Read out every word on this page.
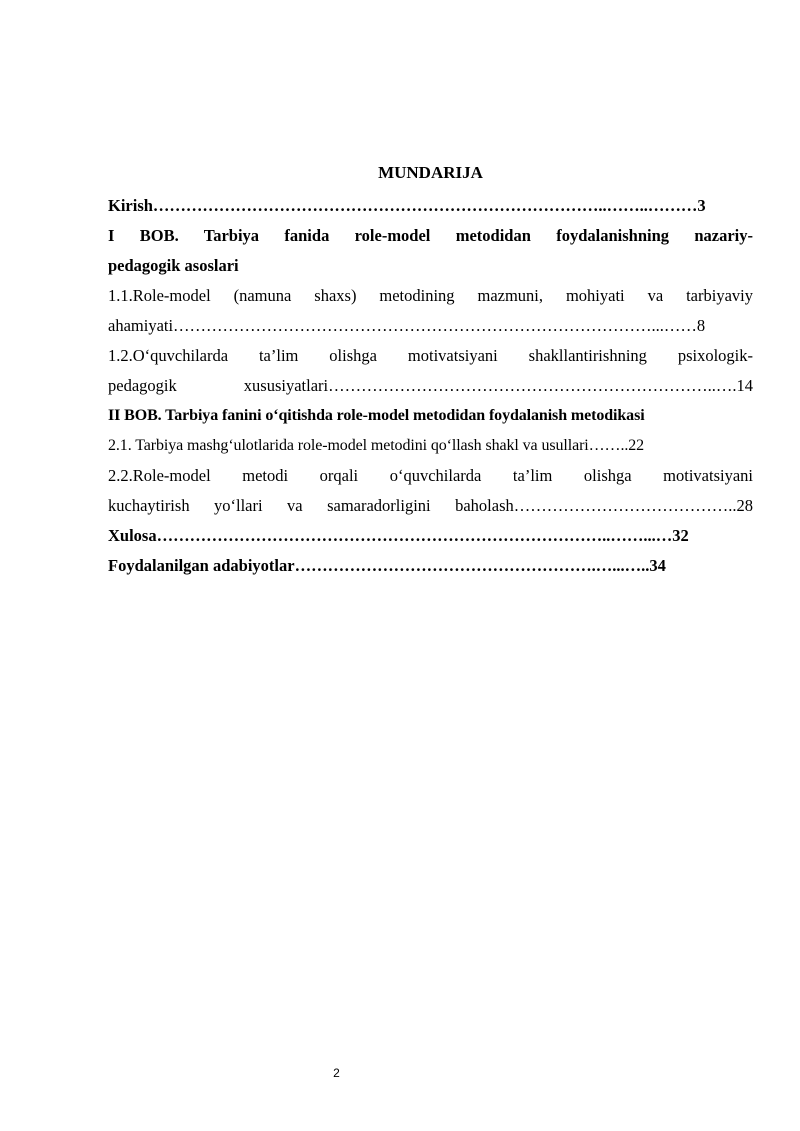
MUNDARIJA
Kirish………………………………………………………………………..……..………3
I BOB. Tarbiya fanida role-model metodidan foydalanishning nazariy-
pedagogik asoslari
1.1.Role-model (namuna shaxs) metodining mazmuni, mohiyati va tarbiyaviy
ahamiyati……………………………………………………………………………...……8
1.2.O‘quvchilarda ta’lim olishga motivatsiyani shakllantirishning psixologik-
pedagogik xususiyatlari……………………………………………………………..….14
II BOB. Tarbiya fanini o‘qitishda role-model metodidan foydalanish metodikasi
2.1. Tarbiya mashg‘ulotlarida role-model metodini qo‘llash shakl va usullari……..22
2.2.Role-model metodi orqali o‘quvchilarda ta’lim olishga motivatsiyani
kuchaytirish yo‘llari va samaradorligini baholash…………………………………..28
Xulosa………………………………………………………………………..……...…32
Foydalanilgan adabiyotlar……………………………………………….…...…..34
2
